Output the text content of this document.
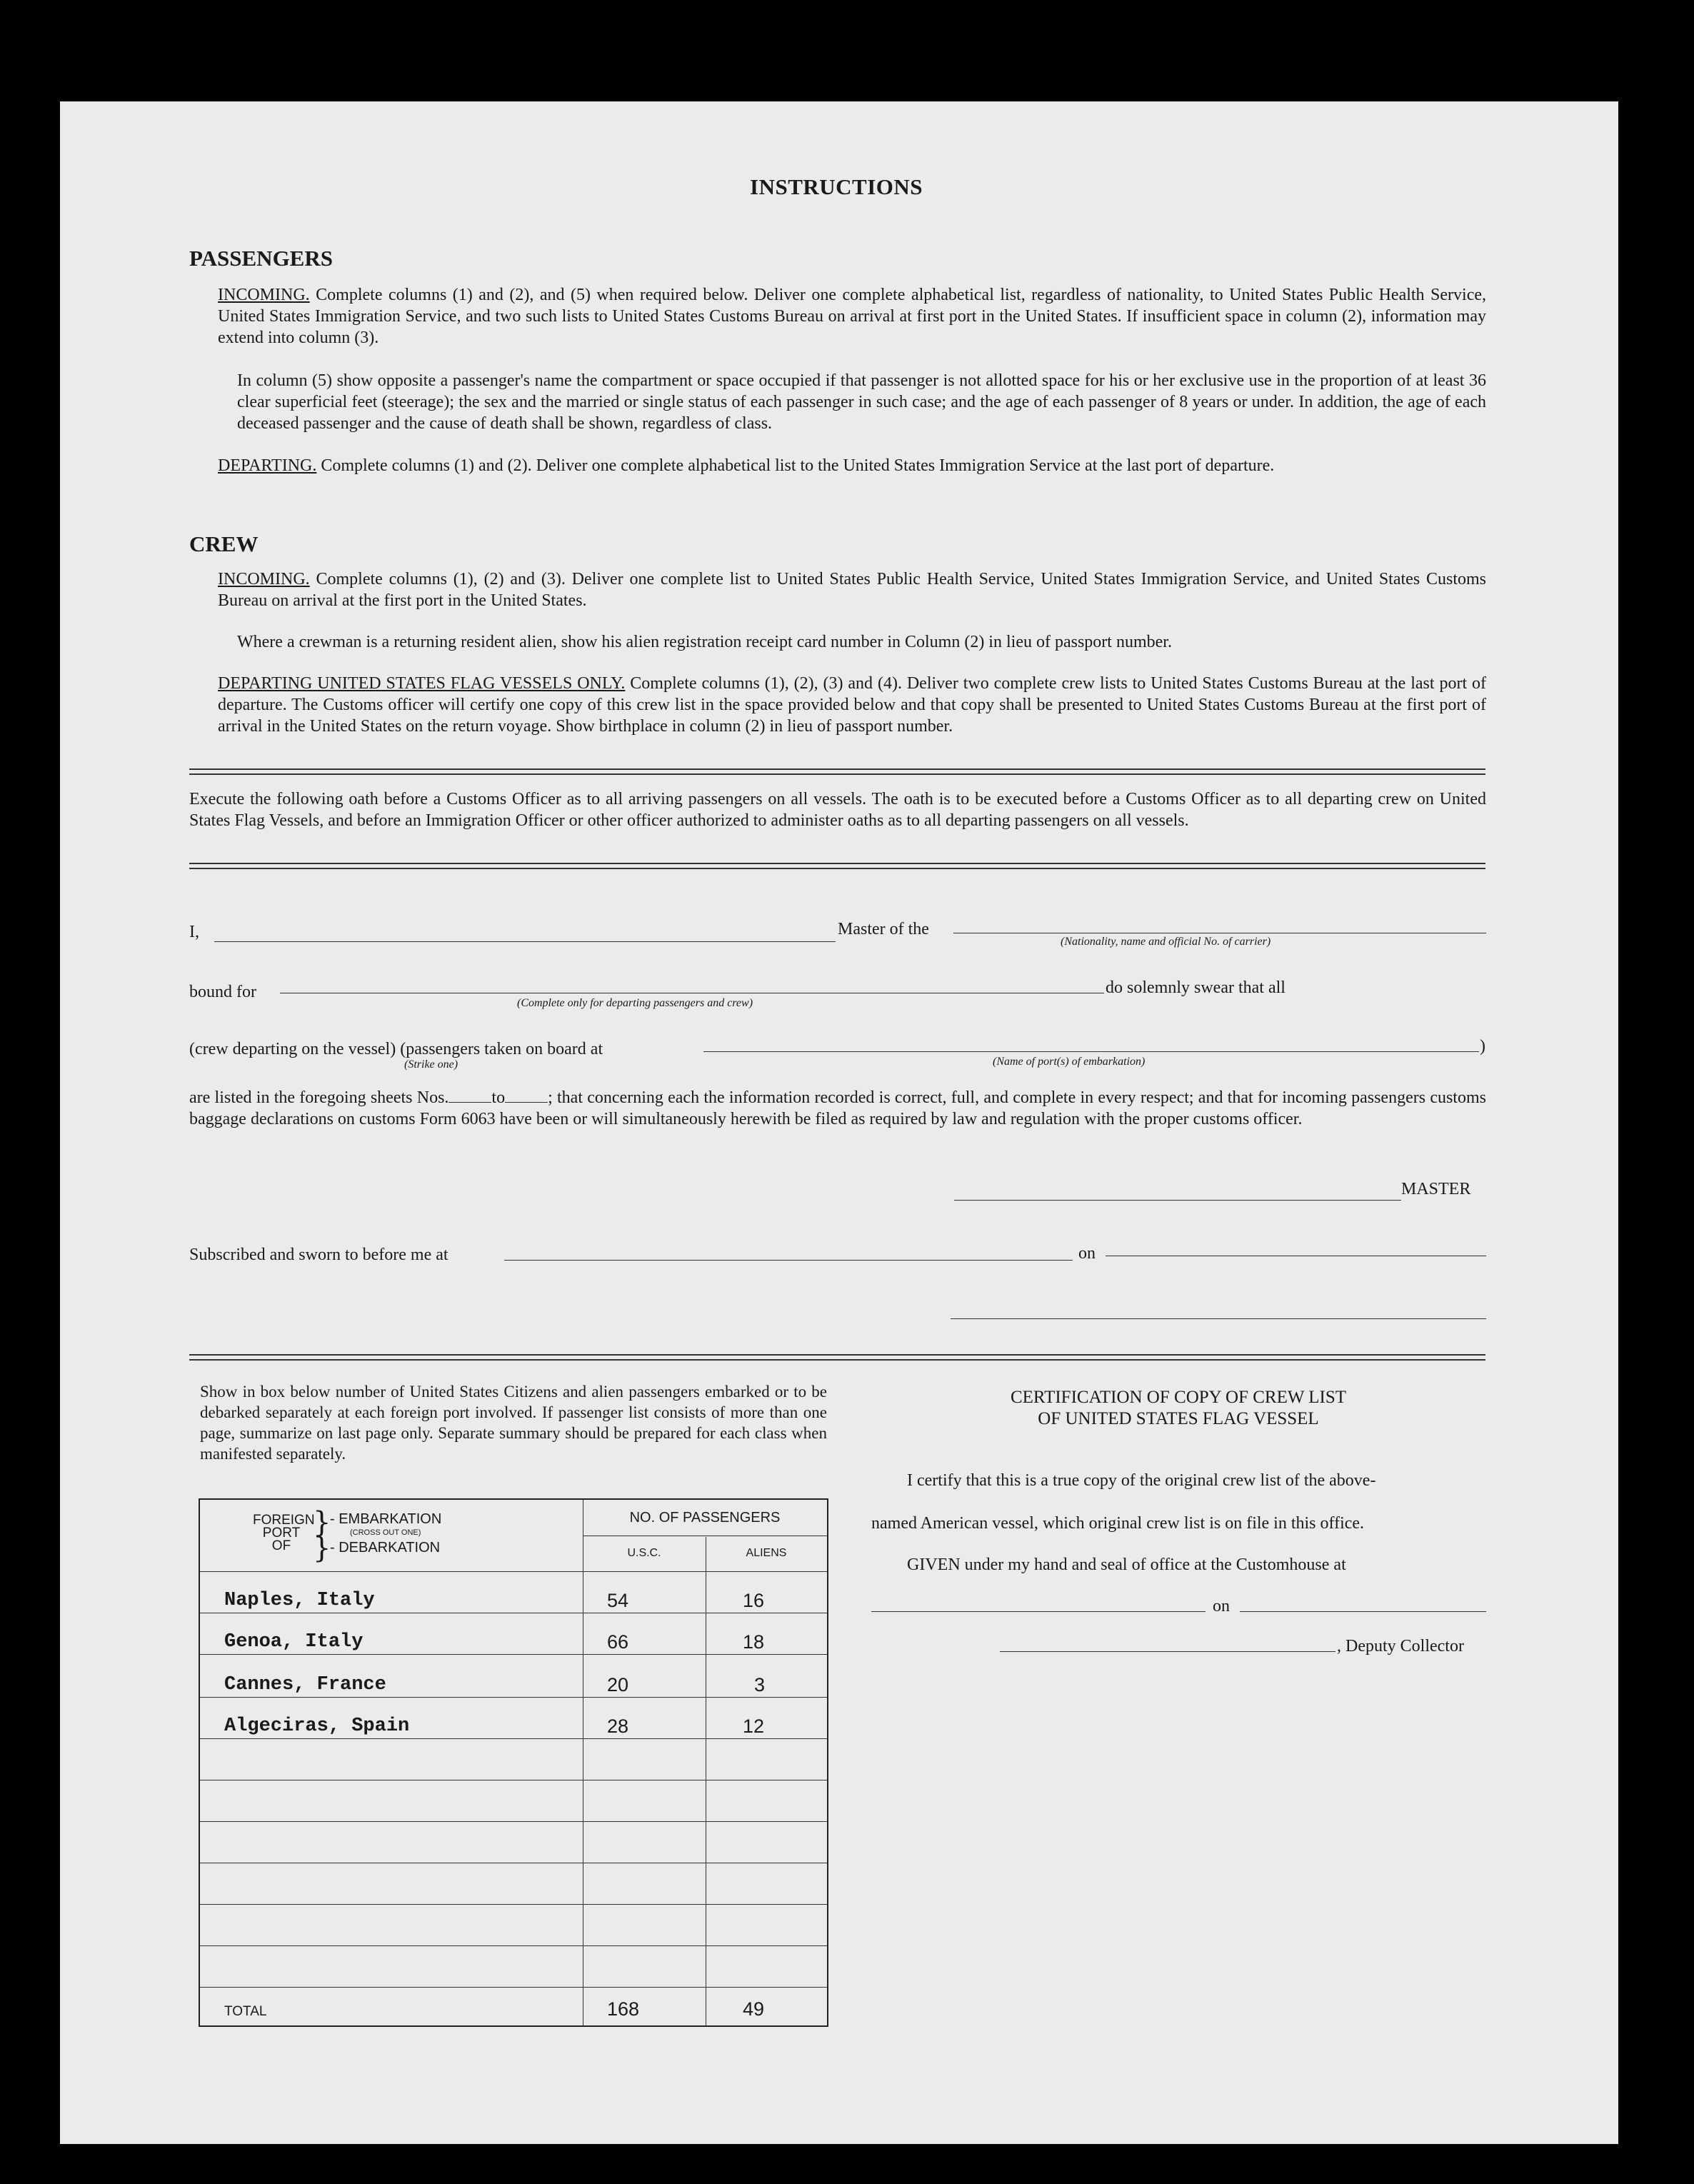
INSTRUCTIONS
PASSENGERS
INCOMING. Complete columns (1) and (2), and (5) when required below. Deliver one complete alphabetical list, regardless of nationality, to United States Public Health Service, United States Immigration Service, and two such lists to United States Customs Bureau on arrival at first port in the United States. If insufficient space in column (2), information may extend into column (3).
In column (5) show opposite a passenger's name the compartment or space occupied if that passenger is not allotted space for his or her exclusive use in the proportion of at least 36 clear superficial feet (steerage); the sex and the married or single status of each passenger in such case; and the age of each passenger of 8 years or under. In addition, the age of each deceased passenger and the cause of death shall be shown, regardless of class.
DEPARTING. Complete columns (1) and (2). Deliver one complete alphabetical list to the United States Immigration Service at the last port of departure.
CREW
INCOMING. Complete columns (1), (2) and (3). Deliver one complete list to United States Public Health Service, United States Immigration Service, and United States Customs Bureau on arrival at the first port in the United States.
Where a crewman is a returning resident alien, show his alien registration receipt card number in Column (2) in lieu of passport number.
DEPARTING UNITED STATES FLAG VESSELS ONLY. Complete columns (1), (2), (3) and (4). Deliver two complete crew lists to United States Customs Bureau at the last port of departure. The Customs officer will certify one copy of this crew list in the space provided below and that copy shall be presented to United States Customs Bureau at the first port of arrival in the United States on the return voyage. Show birthplace in column (2) in lieu of passport number.
Execute the following oath before a Customs Officer as to all arriving passengers on all vessels. The oath is to be executed before a Customs Officer as to all departing crew on United States Flag Vessels, and before an Immigration Officer or other officer authorized to administer oaths as to all departing passengers on all vessels.
I,	Master of the
(Nationality, name and official No. of carrier)
bound for
(Complete only for departing passengers and crew)
do solemnly swear that all
(crew departing on the vessel) (passengers taken on board at
(Strike one)
)
(Name of port(s) of embarkation)
are listed in the foregoing sheets Nos.	to	; that concerning each the information recorded is correct, full, and complete in every respect; and that for incoming passengers customs baggage declarations on customs Form 6063 have been or will simultaneously herewith be filed as required by law and regulation with the proper customs officer.
MASTER
Subscribed and sworn to before me at	on
Show in box below number of United States Citizens and alien passengers embarked or to be debarked separately at each foreign port involved. If passenger list consists of more than one page, summarize on last page only. Separate summary should be prepared for each class when manifested separately.
FOREIGN
PORT
OF
}
- EMBARKATION
(CROSS OUT ONE)
}
- DEBARKATION
NO. OF PASSENGERS
U.S.C.	ALIENS
Naples, Italy	54	16
Genoa, Italy	66	18
Cannes, France	20	3
Algeciras, Spain	28	12
TOTAL	168	49
CERTIFICATION OF COPY OF CREW LIST
OF UNITED STATES FLAG VESSEL
I certify that this is a true copy of the original crew list of the above-
named American vessel, which original crew list is on file in this office.
GIVEN under my hand and seal of office at the Customhouse at
on
, Deputy Collector
